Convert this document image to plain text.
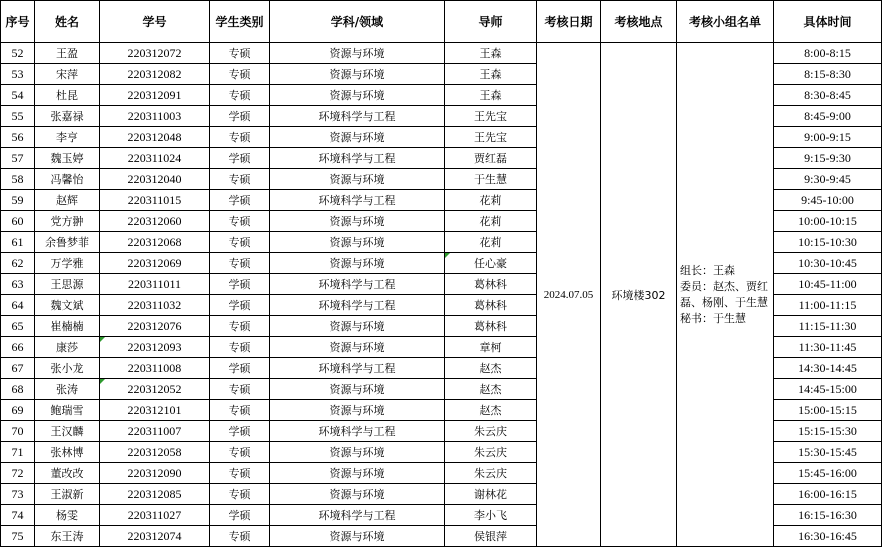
序号	姓名	学号	学生类别	学科/领域	导师	考核日期	考核地点	考核小组名单	具体时间
52	王盈	220312072	专硕	资源与环境	王森	2024.07.05	环境楼302	组长：王森
委员：赵杰、贾红磊、杨刚、于生慧
秘书：于生慧	8:00-8:15
53	宋萍	220312082	专硕	资源与环境	王森				8:15-8:30
54	杜昆	220312091	专硕	资源与环境	王森				8:30-8:45
55	张嘉禄	220311003	学硕	环境科学与工程	王先宝				8:45-9:00
56	李亨	220312048	专硕	资源与环境	王先宝				9:00-9:15
57	魏玉婷	220311024	学硕	环境科学与工程	贾红磊				9:15-9:30
58	冯馨怡	220312040	专硕	资源与环境	于生慧				9:30-9:45
59	赵辉	220311015	学硕	环境科学与工程	花莉				9:45-10:00
60	党方翀	220312060	专硕	资源与环境	花莉				10:00-10:15
61	余鲁梦菲	220312068	专硕	资源与环境	花莉				10:15-10:30
62	万学雅	220312069	专硕	资源与环境	任心豪				10:30-10:45
63	王思源	220311011	学硕	环境科学与工程	葛林科				10:45-11:00
64	魏文斌	220311032	学硕	环境科学与工程	葛林科				11:00-11:15
65	崔楠楠	220312076	专硕	资源与环境	葛林科				11:15-11:30
66	康莎	220312093	专硕	资源与环境	章柯				11:30-11:45
67	张小龙	220311008	学硕	环境科学与工程	赵杰				14:30-14:45
68	张涛	220312052	专硕	资源与环境	赵杰				14:45-15:00
69	鲍瑞雪	220312101	专硕	资源与环境	赵杰				15:00-15:15
70	王汉麟	220311007	学硕	环境科学与工程	朱云庆				15:15-15:30
71	张林博	220312058	专硕	资源与环境	朱云庆				15:30-15:45
72	董改改	220312090	专硕	资源与环境	朱云庆				15:45-16:00
73	王淑新	220312085	专硕	资源与环境	谢林花				16:00-16:15
74	杨雯	220311027	学硕	环境科学与工程	李小飞				16:15-16:30
75	东王涛	220312074	专硕	资源与环境	侯银萍				16:30-16:45
